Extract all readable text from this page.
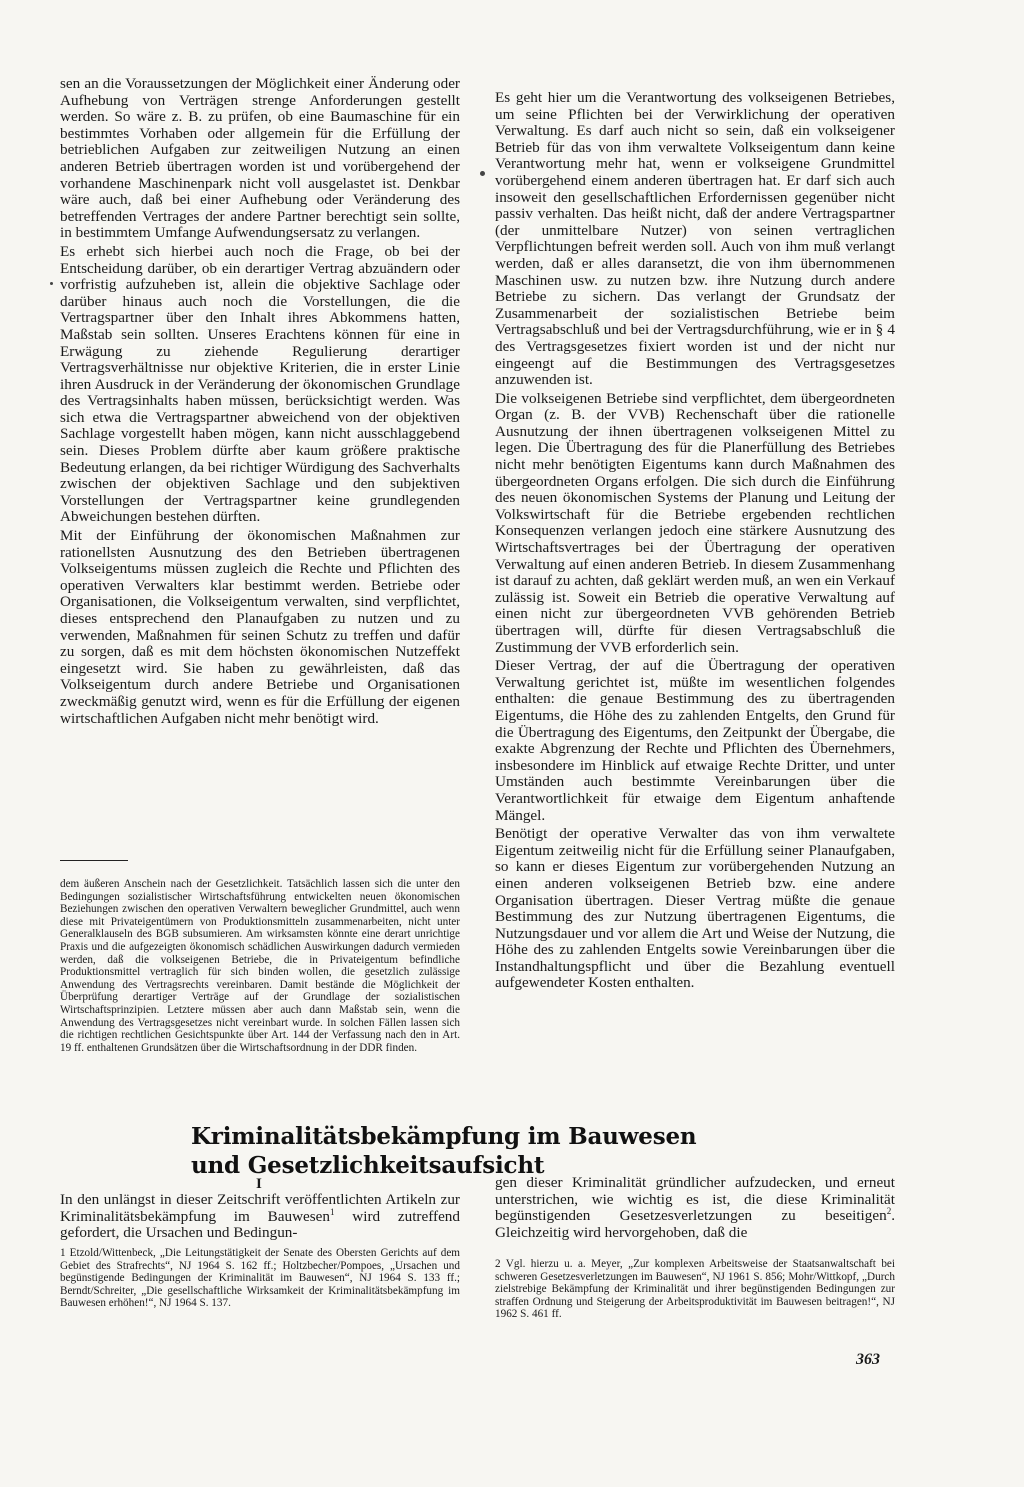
sen an die Voraussetzungen der Möglichkeit einer Änderung oder Aufhebung von Verträgen strenge Anforderungen gestellt werden. So wäre z. B. zu prüfen, ob eine Baumaschine für ein bestimmtes Vorhaben oder allgemein für die Erfüllung der betrieblichen Aufgaben zur zeitweiligen Nutzung an einen anderen Betrieb übertragen worden ist und vorübergehend der vorhandene Maschinenpark nicht voll ausgelastet ist. Denkbar wäre auch, daß bei einer Aufhebung oder Veränderung des betreffenden Vertrages der andere Partner berechtigt sein sollte, in bestimmtem Umfange Aufwendungsersatz zu verlangen.

Es erhebt sich hierbei auch noch die Frage, ob bei der Entscheidung darüber, ob ein derartiger Vertrag abzuändern oder vorfristig aufzuheben ist, allein die objektive Sachlage oder darüber hinaus auch noch die Vorstellungen, die die Vertragspartner über den Inhalt ihres Abkommens hatten, Maßstab sein sollten. Unseres Erachtens können für eine in Erwägung zu ziehende Regulierung derartiger Vertragsverhältnisse nur objektive Kriterien, die in erster Linie ihren Ausdruck in der Veränderung der ökonomischen Grundlage des Vertragsinhalts haben müssen, berücksichtigt werden. Was sich etwa die Vertragspartner abweichend von der objektiven Sachlage vorgestellt haben mögen, kann nicht ausschlaggebend sein. Dieses Problem dürfte aber kaum größere praktische Bedeutung erlangen, da bei richtiger Würdigung des Sachverhalts zwischen der objektiven Sachlage und den subjektiven Vorstellungen der Vertragspartner keine grundlegenden Abweichungen bestehen dürften.

Mit der Einführung der ökonomischen Maßnahmen zur rationellsten Ausnutzung des den Betrieben übertragenen Volkseigentums müssen zugleich die Rechte und Pflichten des operativen Verwalters klar bestimmt werden. Betriebe oder Organisationen, die Volkseigentum verwalten, sind verpflichtet, dieses entsprechend den Planaufgaben zu nutzen und zu verwenden, Maßnahmen für seinen Schutz zu treffen und dafür zu sorgen, daß es mit dem höchsten ökonomischen Nutzeffekt eingesetzt wird. Sie haben zu gewährleisten, daß das Volkseigentum durch andere Betriebe und Organisationen zweckmäßig genutzt wird, wenn es für die Erfüllung der eigenen wirtschaftlichen Aufgaben nicht mehr benötigt wird.

dem äußeren Anschein nach der Gesetzlichkeit. Tatsächlich lassen sich die unter den Bedingungen sozialistischer Wirtschaftsführung entwickelten neuen ökonomischen Beziehungen zwischen den operativen Verwaltern beweglicher Grundmittel, auch wenn diese mit Privateigentümern von Produktionsmitteln zusammenarbeiten, nicht unter Generalklauseln des BGB subsumieren. Am wirksamsten könnte eine derart unrichtige Praxis und die aufgezeigten ökonomisch schädlichen Auswirkungen dadurch vermieden werden, daß die volkseigenen Betriebe, die in Privateigentum befindliche Produktionsmittel vertraglich für sich binden wollen, die gesetzlich zulässige Anwendung des Vertragsrechts vereinbaren. Damit bestände die Möglichkeit der Überprüfung derartiger Verträge auf der Grundlage der sozialistischen Wirtschaftsprinzipien. Letztere müssen aber auch dann Maßstab sein, wenn die Anwendung des Vertragsgesetzes nicht vereinbart wurde. In solchen Fällen lassen sich die richtigen rechtlichen Gesichtspunkte über Art. 144 der Verfassung nach den in Art. 19 ff. enthaltenen Grundsätzen über die Wirtschaftsordnung in der DDR finden.

Es geht hier um die Verantwortung des volkseigenen Betriebes, um seine Pflichten bei der Verwirklichung der operativen Verwaltung. Es darf auch nicht so sein, daß ein volkseigener Betrieb für das von ihm verwaltete Volkseigentum dann keine Verantwortung mehr hat, wenn er volkseigene Grundmittel vorübergehend einem anderen übertragen hat. Er darf sich auch insoweit den gesellschaftlichen Erfordernissen gegenüber nicht passiv verhalten. Das heißt nicht, daß der andere Vertragspartner (der unmittelbare Nutzer) von seinen vertraglichen Verpflichtungen befreit werden soll. Auch von ihm muß verlangt werden, daß er alles daransetzt, die von ihm übernommenen Maschinen usw. zu nutzen bzw. ihre Nutzung durch andere Betriebe zu sichern. Das verlangt der Grundsatz der Zusammenarbeit der sozialistischen Betriebe beim Vertragsabschluß und bei der Vertragsdurchführung, wie er in § 4 des Vertragsgesetzes fixiert worden ist und der nicht nur eingeengt auf die Bestimmungen des Vertragsgesetzes anzuwenden ist.

Die volkseigenen Betriebe sind verpflichtet, dem übergeordneten Organ (z. B. der VVB) Rechenschaft über die rationelle Ausnutzung der ihnen übertragenen volkseigenen Mittel zu legen. Die Übertragung des für die Planerfüllung des Betriebes nicht mehr benötigten Eigentums kann durch Maßnahmen des übergeordneten Organs erfolgen. Die sich durch die Einführung des neuen ökonomischen Systems der Planung und Leitung der Volkswirtschaft für die Betriebe ergebenden rechtlichen Konsequenzen verlangen jedoch eine stärkere Ausnutzung des Wirtschaftsvertrages bei der Übertragung der operativen Verwaltung auf einen anderen Betrieb. In diesem Zusammenhang ist darauf zu achten, daß geklärt werden muß, an wen ein Verkauf zulässig ist. Soweit ein Betrieb die operative Verwaltung auf einen nicht zur übergeordneten VVB gehörenden Betrieb übertragen will, dürfte für diesen Vertragsabschluß die Zustimmung der VVB erforderlich sein.

Dieser Vertrag, der auf die Übertragung der operativen Verwaltung gerichtet ist, müßte im wesentlichen folgendes enthalten: die genaue Bestimmung des zu übertragenden Eigentums, die Höhe des zu zahlenden Entgelts, den Grund für die Übertragung des Eigentums, den Zeitpunkt der Übergabe, die exakte Abgrenzung der Rechte und Pflichten des Übernehmers, insbesondere im Hinblick auf etwaige Rechte Dritter, und unter Umständen auch bestimmte Vereinbarungen über die Verantwortlichkeit für etwaige dem Eigentum anhaftende Mängel.

Benötigt der operative Verwalter das von ihm verwaltete Eigentum zeitweilig nicht für die Erfüllung seiner Planaufgaben, so kann er dieses Eigentum zur vorübergehenden Nutzung an einen anderen volkseigenen Betrieb bzw. eine andere Organisation übertragen. Dieser Vertrag müßte die genaue Bestimmung des zur Nutzung übertragenen Eigentums, die Nutzungsdauer und vor allem die Art und Weise der Nutzung, die Höhe des zu zahlenden Entgelts sowie Vereinbarungen über die Instandhaltungspflicht und über die Bezahlung eventuell aufgewendeter Kosten enthalten.

Kriminalitätsbekämpfung im Bauwesen
und Gesetzlichkeitsaufsicht
I
In den unlängst in dieser Zeitschrift veröffentlichten Artikeln zur Kriminalitätsbekämpfung im Bauwesen$^1$ wird zutreffend gefordert, die Ursachen und Bedingun-
gen dieser Kriminalität gründlicher aufzudecken, und erneut unterstrichen, wie wichtig es ist, die diese Kriminalität begünstigenden Gesetzesverletzungen zu beseitigen$^2$. Gleichzeitig wird hervorgehoben, daß die
1 Etzold/Wittenbeck, „Die Leitungstätigkeit der Senate des Obersten Gerichts auf dem Gebiet des Strafrechts“, NJ 1964 S. 162 ff.; Holtzbecher/Pompoes, „Ursachen und begünstigende Bedingungen der Kriminalität im Bauwesen“, NJ 1964 S. 133 ff.; Berndt/Schreiter, „Die gesellschaftliche Wirksamkeit der Kriminalitätsbekämpfung im Bauwesen erhöhen!“, NJ 1964 S. 137.
2 Vgl. hierzu u. a. Meyer, „Zur komplexen Arbeitsweise der Staatsanwaltschaft bei schweren Gesetzesverletzungen im Bauwesen“, NJ 1961 S. 856; Mohr/Wittkopf, „Durch zielstrebige Bekämpfung der Kriminalität und ihrer begünstigenden Bedingungen zur straffen Ordnung und Steigerung der Arbeitsproduktivität im Bauwesen beitragen!“, NJ 1962 S. 461 ff.
363
